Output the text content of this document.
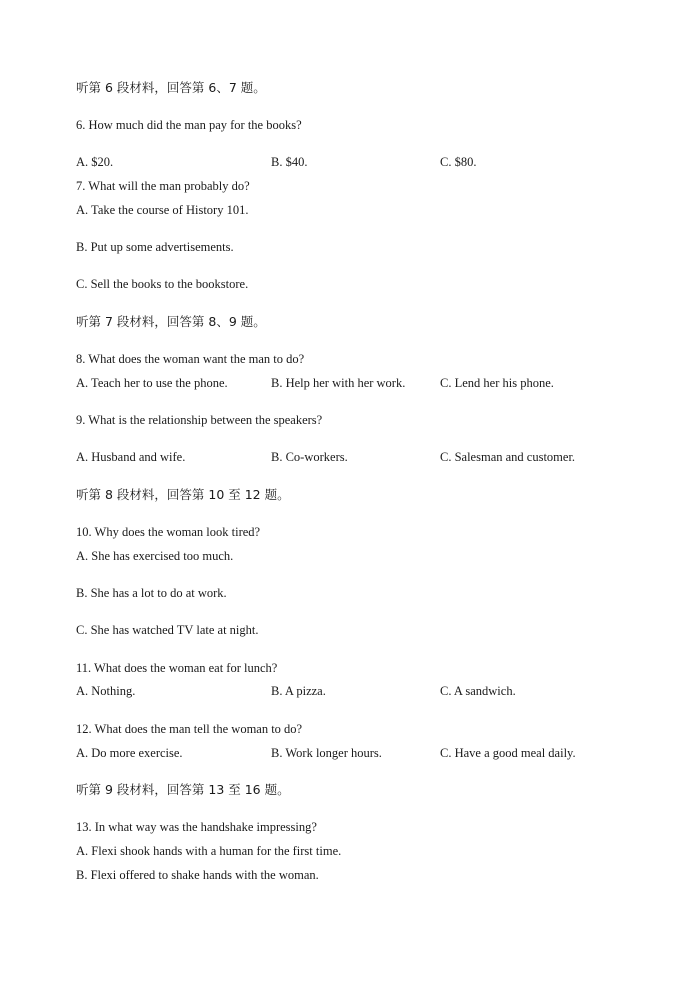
听第 6 段材料，回答第 6、7 题。
6. How much did the man pay for the books?
A. $20.	B. $40.	C. $80.
7. What will the man probably do?
A. Take the course of History 101.
B. Put up some advertisements.
C. Sell the books to the bookstore.
听第 7 段材料，回答第 8、9 题。
8. What does the woman want the man to do?
A. Teach her to use the phone.	B. Help her with her work.	C. Lend her his phone.
9. What is the relationship between the speakers?
A. Husband and wife.	B. Co-workers.	C. Salesman and customer.
听第 8 段材料，回答第 10 至 12 题。
10. Why does the woman look tired?
A. She has exercised too much.
B. She has a lot to do at work.
C. She has watched TV late at night.
11. What does the woman eat for lunch?
A. Nothing.	B. A pizza.	C. A sandwich.
12. What does the man tell the woman to do?
A. Do more exercise.	B. Work longer hours.	C. Have a good meal daily.
听第 9 段材料，回答第 13 至 16 题。
13. In what way was the handshake impressing?
A. Flexi shook hands with a human for the first time.
B. Flexi offered to shake hands with the woman.
